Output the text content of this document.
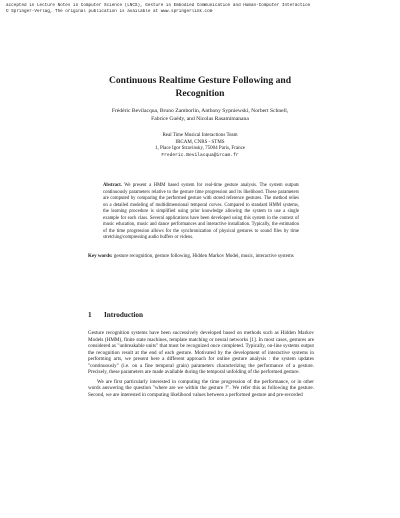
accepted in Lecture Notes in Computer Science (LNCS), Gesture in Embodied Communication and Human-Computer Interaction
© Springer-Verlag, The original publication is available at www.springerlink.com
Continuous Realtime Gesture Following and
Recognition
Frédéric Bevilacqua, Bruno Zamborlin, Anthony Sypniewski, Norbert Schnell,
Fabrice Guédy, and Nicolas Rasamimanana
Real Time Musical Interactions Team
IRCAM, CNRS - STMS
1, Place Igor Stravinsky, 75004 Paris, France
Frederic.Bevilacqua@ircam.fr

Abstract. We present a HMM based system for real-time gesture analysis. The system outputs continuously parameters relative to the gesture time progression and its likelihood. These parameters are computed by comparing the performed gesture with stored reference gestures. The method relies on a detailed modeling of multidimensional temporal curves. Compared to standard HMM systems, the learning procedure is simplified using prior knowledge allowing the system to use a single example for each class. Several applications have been developed using this system in the context of music education, music and dance performances and interactive installation. Typically, the estimation of the time progression allows for the synchronization of physical gestures to sound files by time stretching/compressing audio buffers or videos.

Key words: gesture recognition, gesture following, Hidden Markov Model, music, interactive systems

1 Introduction

Gesture recognition systems have been successively developed based on methods such as Hidden Markov Models (HMM), finite state machines, template matching or neural networks [1]. In most cases, gestures are considered as "unbreakable units" that must be recognized once completed. Typically, on-line systems output the recognition result at the end of each gesture. Motivated by the development of interactive systems in performing arts, we present here a different approach for online gesture analysis : the system updates "continuously" (i.e. on a fine temporal grain) parameters characterizing the performance of a gesture. Precisely, these parameters are made available during the temporal unfolding of the performed gesture.

We are first particularly interested in computing the time progression of the performance, or in other words answering the question "where are we within the gesture ?". We refer this as following the gesture. Second, we are interested in computing likelihood values between a performed gesture and pre-recorded
